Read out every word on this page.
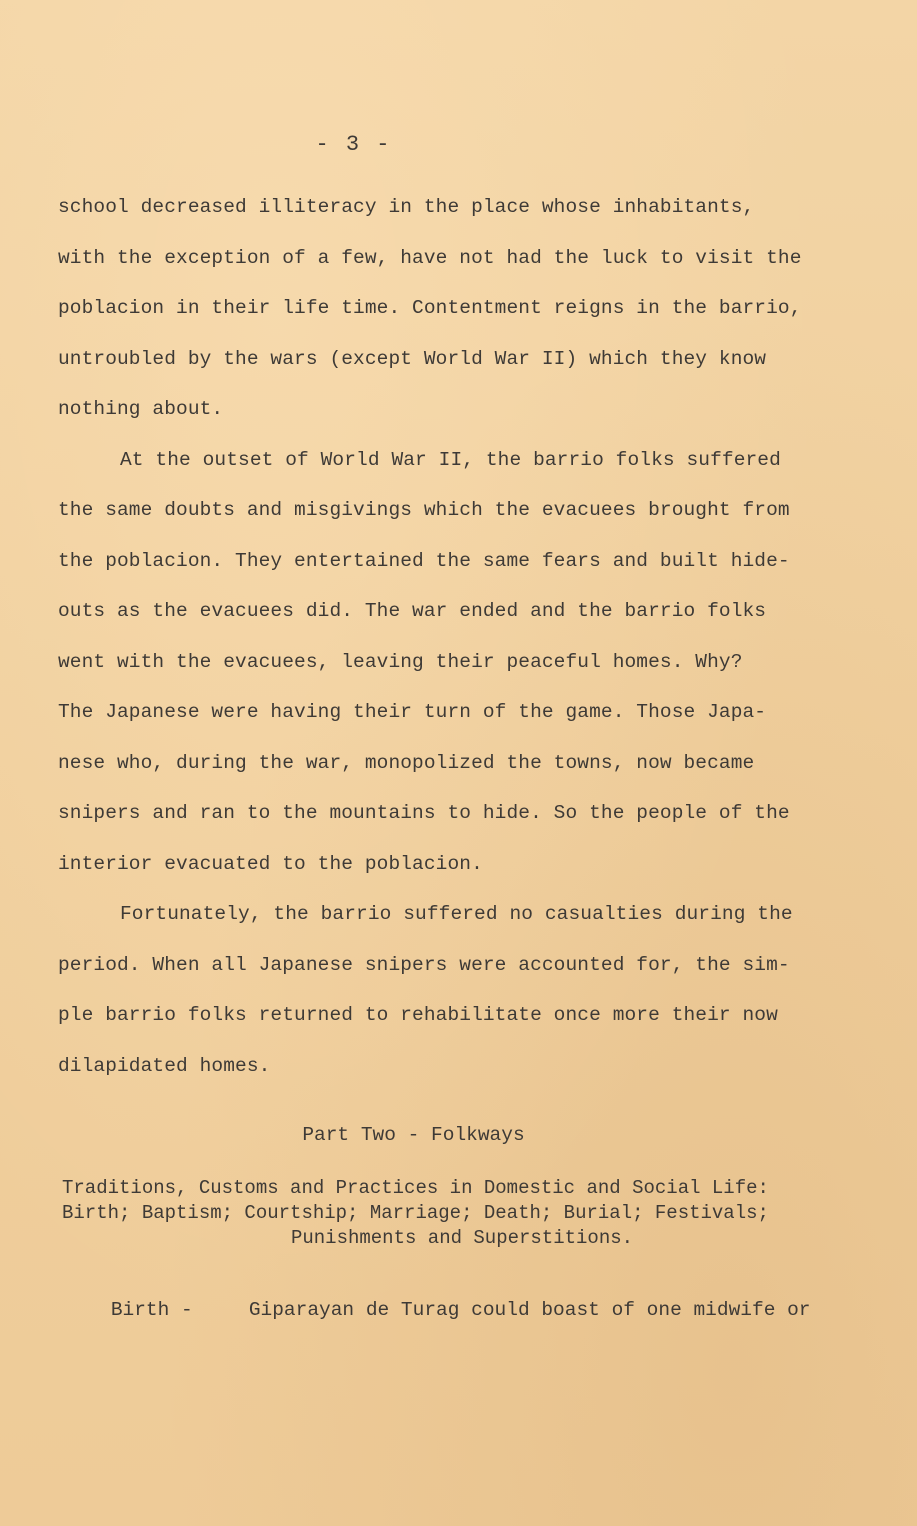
- 3 -
school decreased illiteracy in the place whose inhabitants,
with the exception of a few, have not had the luck to visit the
poblacion in their life time. Contentment reigns in the barrio,
untroubled by the wars (except World War II) which they know
nothing about.
At the outset of World War II, the barrio folks suffered
the same doubts and misgivings which the evacuees brought from
the poblacion. They entertained the same fears and built hide-
outs as the evacuees did. The war ended and the barrio folks
went with the evacuees, leaving their peaceful homes. Why?
The Japanese were having their turn of the game. Those Japa-
nese who, during the war, monopolized the towns, now became
snipers and ran to the mountains to hide. So the people of the
interior evacuated to the poblacion.
Fortunately, the barrio suffered no casualties during the
period. When all Japanese snipers were accounted for, the sim-
ple barrio folks returned to rehabilitate once more their now
dilapidated homes.
Part Two - Folkways
Traditions, Customs and Practices in Domestic and Social Life:
Birth; Baptism; Courtship; Marriage; Death; Burial; Festivals;
Punishments and Superstitions.

Birth -	Giparayan de Turag could boast of one midwife or
